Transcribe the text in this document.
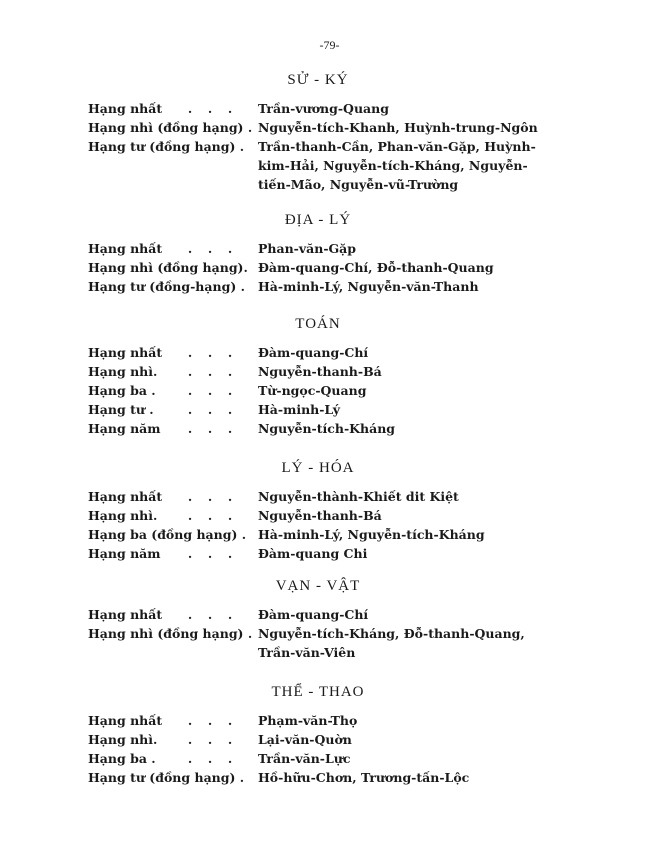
-79-
SỬ - KÝ
Hạng nhất	. . .	Trần-vương-Quang
Hạng nhì (đồng hạng) . Nguyễn-tích-Khanh, Huỳnh-trung-Ngôn
Hạng tư (đồng hạng) .	Trần-thanh-Cần, Phan-văn-Gặp, Huỳnh-kim-Hải, Nguyễn-tích-Kháng, Nguyễn-tiến-Mão, Nguyễn-vũ-Trường
ĐỊA - LÝ
Hạng nhất	. . .	Phan-văn-Gặp
Hạng nhì (đồng hạng). Đàm-quang-Chí, Đỗ-thanh-Quang
Hạng tư (đồng-hạng) .	Hà-minh-Lý, Nguyễn-văn-Thanh
TOÁN
Hạng nhất	. . .	Đàm-quang-Chí
Hạng nhì.	. . .	Nguyễn-thanh-Bá
Hạng ba .	. . .	Từ-ngọc-Quang
Hạng tư .	. . .	Hà-minh-Lý
Hạng năm	. . .	Nguyễn-tích-Kháng
LÝ - HÓA
Hạng nhất	. . .	Nguyễn-thành-Khiết dit Kiệt
Hạng nhì.	. . .	Nguyễn-thanh-Bá
Hạng ba (đồng hạng) . Hà-minh-Lý, Nguyễn-tích-Kháng
Hạng năm	. . .	Đàm-quang Chi
VẠN - VẬT
Hạng nhất	. . .	Đàm-quang-Chí
Hạng nhì (đồng hạng) . Nguyễn-tích-Kháng, Đỗ-thanh-Quang, Trần-văn-Viên
THỂ - THAO
Hạng nhất	. . .	Phạm-văn-Thọ
Hạng nhì.	. . .	Lại-văn-Quờn
Hạng ba .	. . .	Trần-văn-Lực
Hạng tư (đồng hạng) .	Hồ-hữu-Chơn, Trương-tấn-Lộc
